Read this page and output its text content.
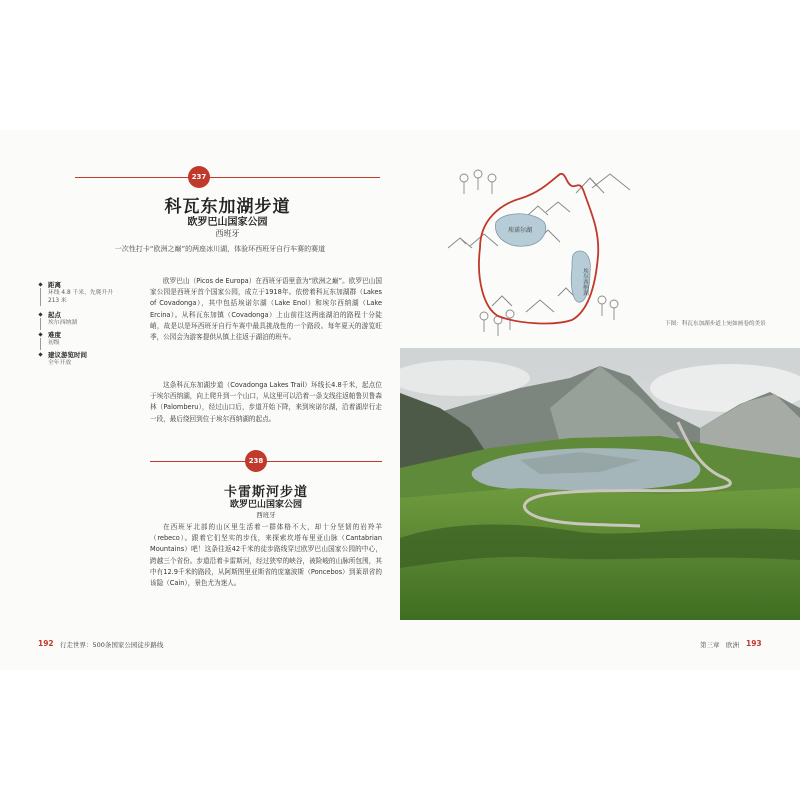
237
科瓦东加湖步道
欧罗巴山国家公园
西班牙
一次性打卡“欧洲之巅”的两座冰川湖，体验环西班牙自行车赛的赛道
距离
环线 4.8 千米，先爬升升 213 米
起点
埃尔西纳湖
难度
初级
建议游览时间
全年开放
欧罗巴山（Picos de Europa）在西班牙语里意为“欧洲之巅”。欧罗巴山国家公园是西班牙首个国家公园，成立于1918年。依傍着科瓦东加湖群（Lakes of Covadonga），其中包括埃诺尔湖（Lake Enol）和埃尔西纳湖（Lake Ercina）。从科瓦东加镇（Covadonga）上山前往这两座湖泊的路程十分陡峭，故是以是环西班牙自行车赛中最具挑战性的一个路段。每年夏天的游览旺季，公园会为游客提供从镇上往返于湖泊的班车。
这条科瓦东加湖步道（Covadonga Lakes Trail）环线长4.8千米，起点位于埃尔西纳湖，向上爬升到一个山口，从这里可以沿着一条支线往返帕鲁贝鲁森林（Palomberu），经过山口后，步道开始下降，来到埃诺尔湖，沿着湖岸行走一段，最后绕回到位于埃尔西纳湖的起点。
238
卡雷斯河步道
欧罗巴山国家公园
西班牙
在西班牙北部的山区里生活着一群体格不大，却十分坚韧的岩羚羊（rebeco）。跟着它们坚实的步伐，来探索坎塔布里亚山脉（Cantabrian Mountains）吧！这条往返42千米的徒步路线穿过欧罗巴山国家公园的中心，跨越三个省份。步道沿着卡雷斯河，经过狭窄的峡谷，被险峻的山脉所包围，其中有12.9千米的路段，从阿斯图里亚斯省的庞塞波斯（Poncebos）到莱昂省的该隐（Cain），景色尤为迷人。
192 行走世界：500条国家公园徒步路线
埃诺尔湖
埃尔西纳湖
下图：科瓦东加湖步道上宛如画卷的美景
第三章　欧洲 193
